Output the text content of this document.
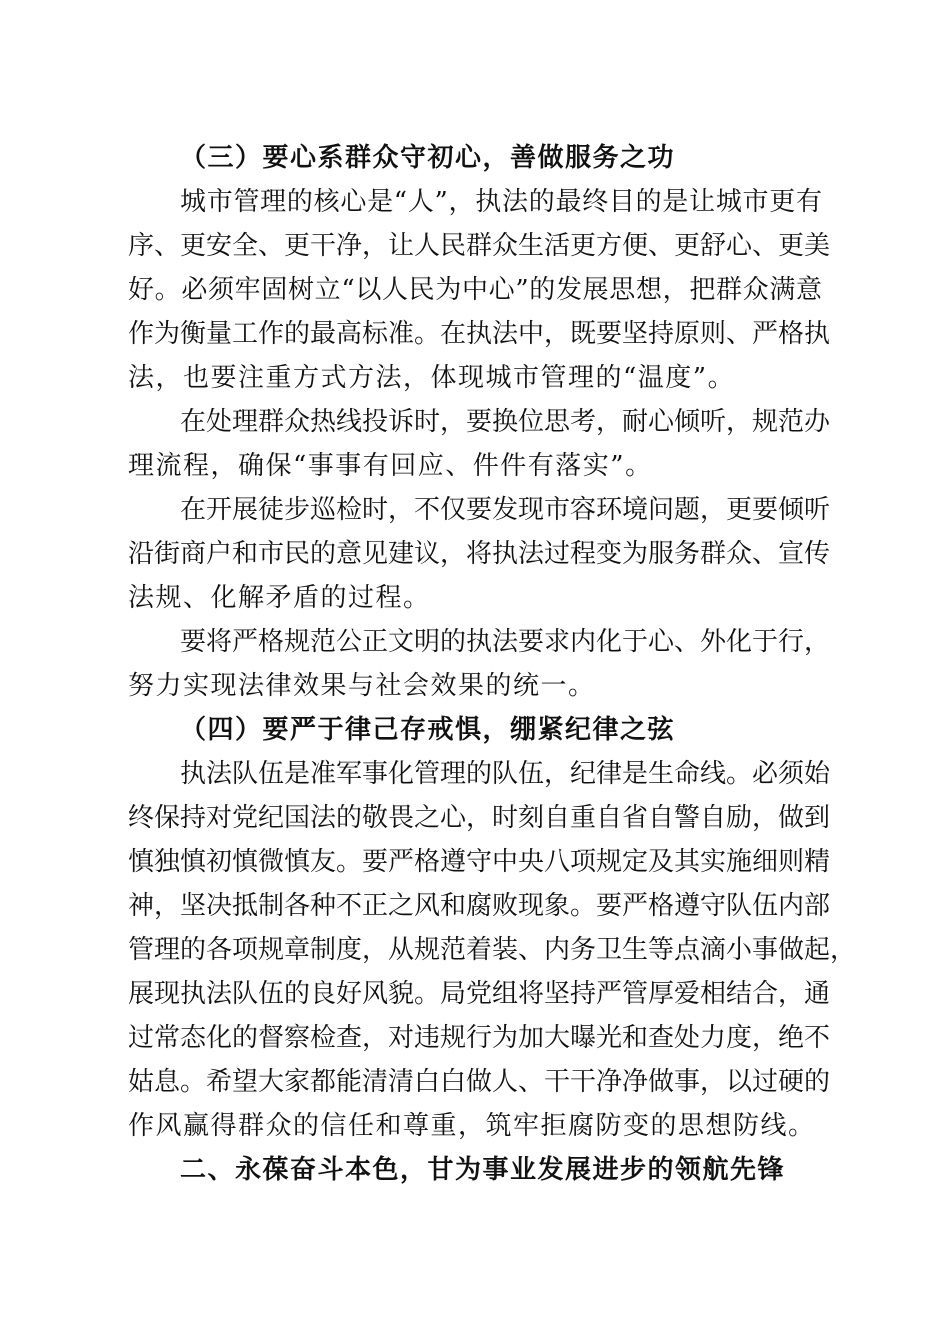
（三）要心系群众守初心，善做服务之功
城市管理的核心是“人”，执法的最终目的是让城市更有
序、更安全、更干净，让人民群众生活更方便、更舒心、更美
好。必须牢固树立“以人民为中心”的发展思想，把群众满意
作为衡量工作的最高标准。在执法中，既要坚持原则、严格执
法，也要注重方式方法，体现城市管理的“温度”。
在处理群众热线投诉时，要换位思考，耐心倾听，规范办
理流程，确保“事事有回应、件件有落实”。
在开展徒步巡检时，不仅要发现市容环境问题，更要倾听
沿街商户和市民的意见建议，将执法过程变为服务群众、宣传
法规、化解矛盾的过程。
要将严格规范公正文明的执法要求内化于心、外化于行，
努力实现法律效果与社会效果的统一。
（四）要严于律己存戒惧，绷紧纪律之弦
执法队伍是准军事化管理的队伍，纪律是生命线。必须始
终保持对党纪国法的敬畏之心，时刻自重自省自警自励，做到
慎独慎初慎微慎友。要严格遵守中央八项规定及其实施细则精
神，坚决抵制各种不正之风和腐败现象。要严格遵守队伍内部
管理的各项规章制度，从规范着装、内务卫生等点滴小事做起，
展现执法队伍的良好风貌。局党组将坚持严管厚爱相结合，通
过常态化的督察检查，对违规行为加大曝光和查处力度，绝不
姑息。希望大家都能清清白白做人、干干净净做事，以过硬的
作风赢得群众的信任和尊重，筑牢拒腐防变的思想防线。
二、永葆奋斗本色，甘为事业发展进步的领航先锋
